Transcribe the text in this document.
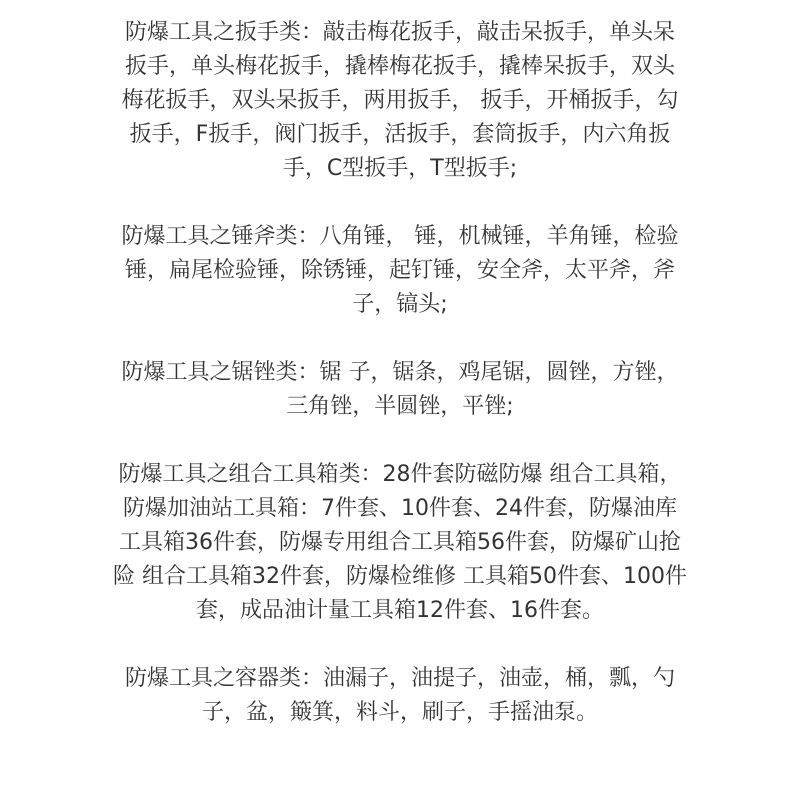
防爆工具之扳手类：敲击梅花扳手，敲击呆扳手，单头呆
扳手，单头梅花扳手，撬棒梅花扳手，撬棒呆扳手，双头
梅花扳手，双头呆扳手，两用扳手， 扳手，开桶扳手，勾
扳手，F扳手，阀门扳手，活扳手，套筒扳手，内六角扳
手，C型扳手，T型扳手;
防爆工具之锤斧类：八角锤， 锤，机械锤，羊角锤，检验
锤，扁尾检验锤，除锈锤，起钉锤，安全斧，太平斧，斧
子，镐头;
防爆工具之锯锉类：锯 子，锯条，鸡尾锯，圆锉，方锉，
三角锉，半圆锉，平锉;
防爆工具之组合工具箱类：28件套防磁防爆 组合工具箱，
防爆加油站工具箱：7件套、10件套、24件套，防爆油库
工具箱36件套，防爆专用组合工具箱56件套，防爆矿山抢
险 组合工具箱32件套，防爆检维修 工具箱50件套、100件
套，成品油计量工具箱12件套、16件套。
防爆工具之容器类：油漏子，油提子，油壶，桶，瓢，勺
子，盆，簸箕，料斗，刷子，手摇油泵。
